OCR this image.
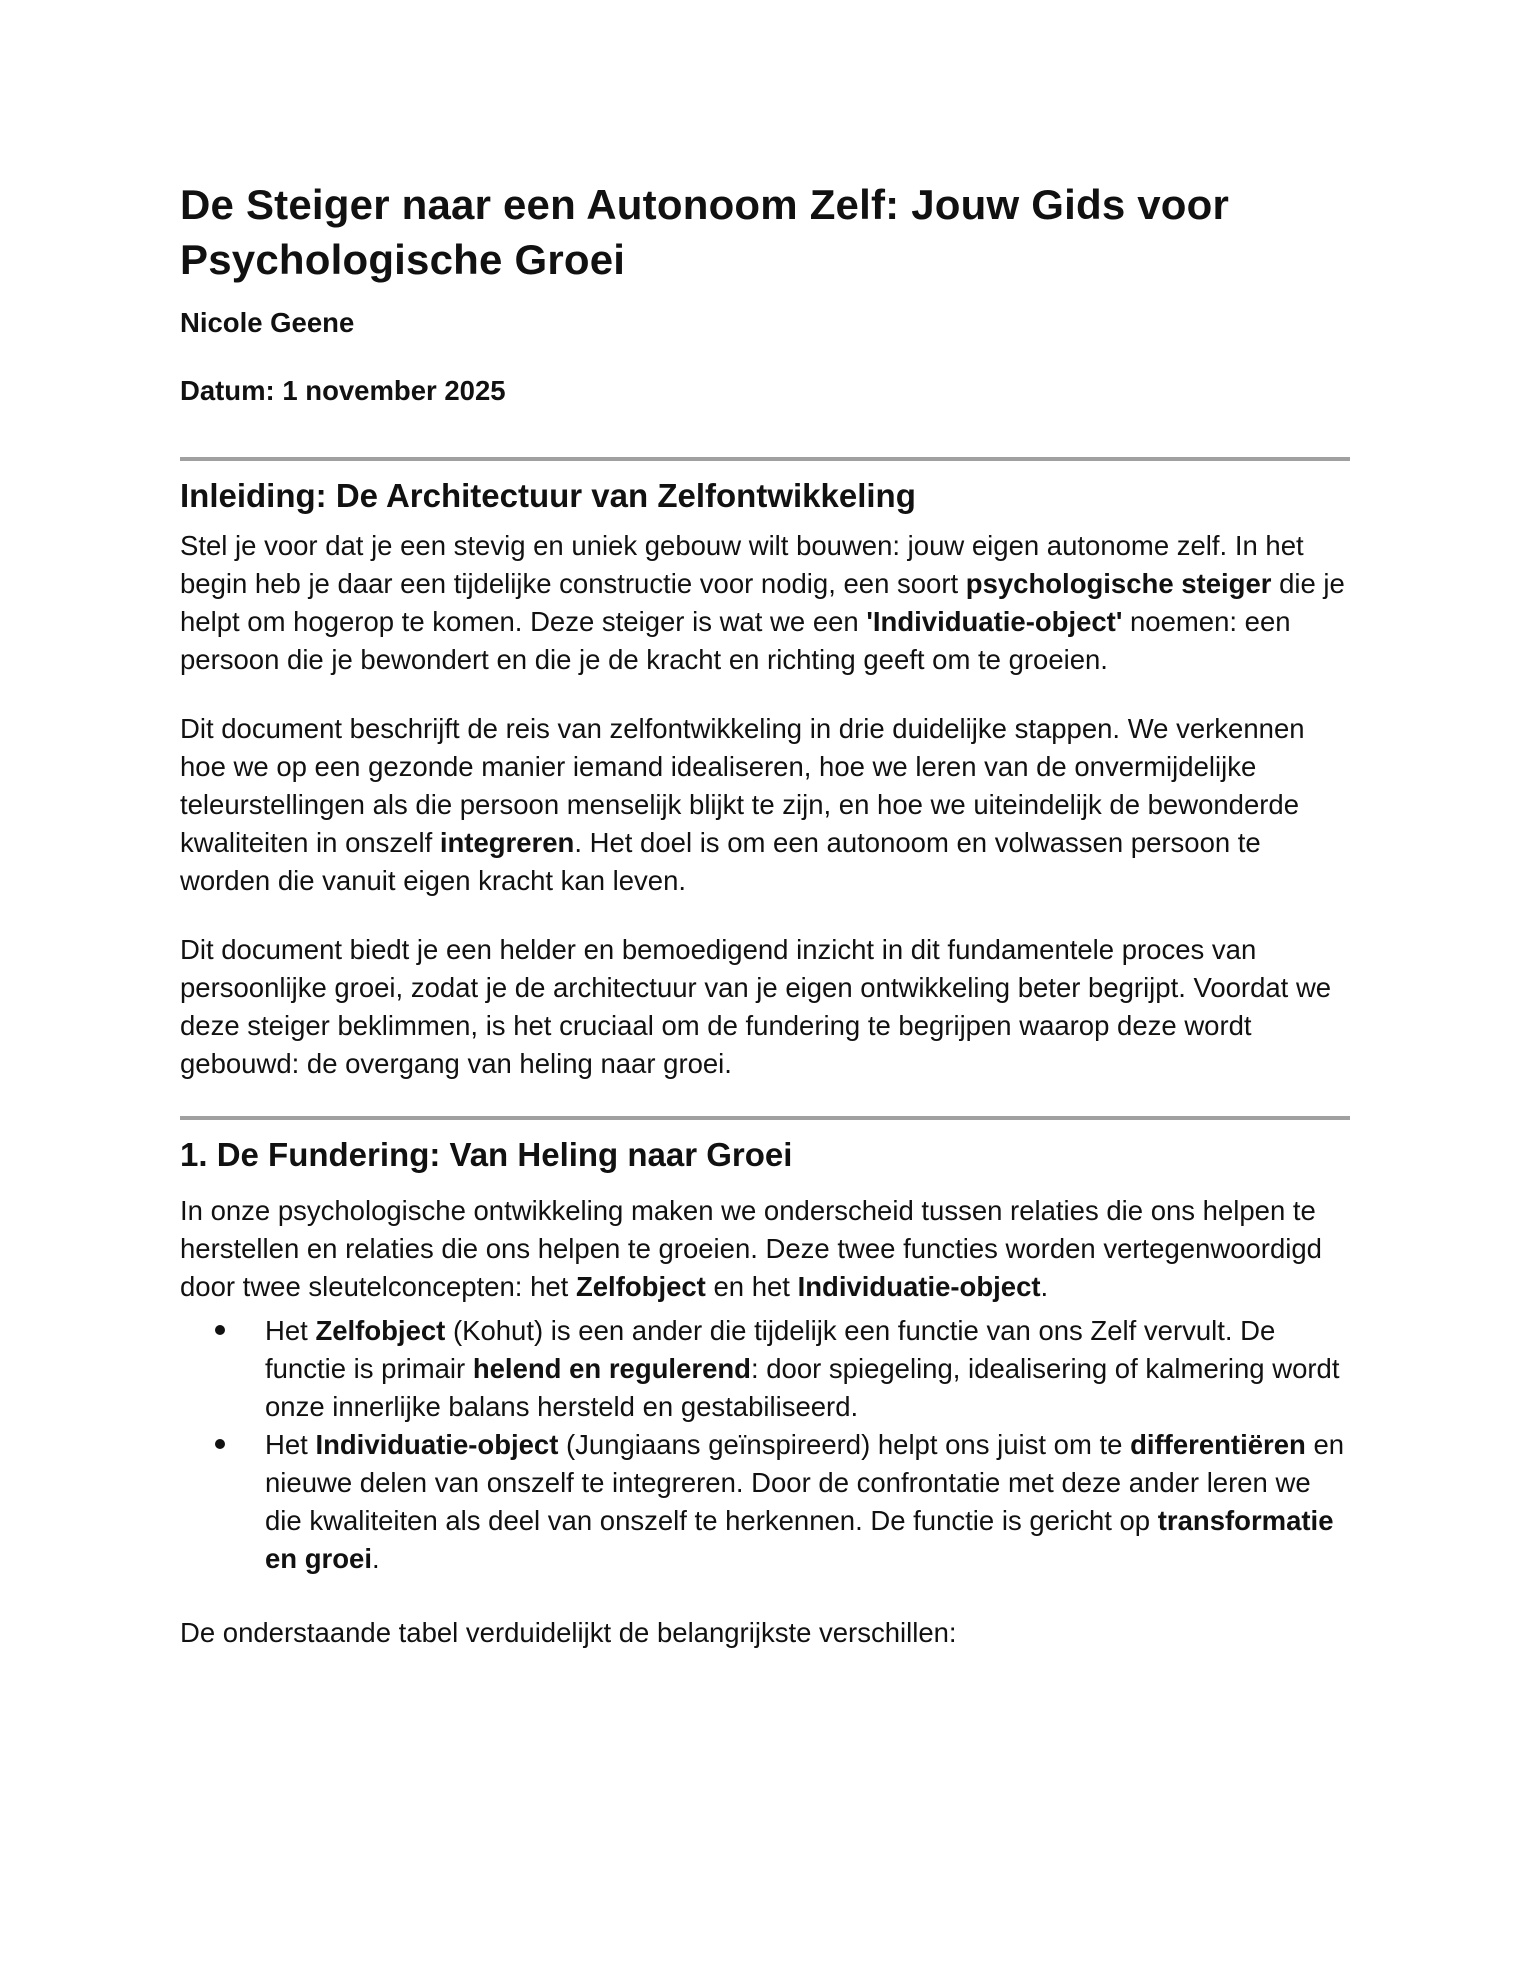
De Steiger naar een Autonoom Zelf: Jouw Gids voor Psychologische Groei

Nicole Geene

Datum: 1 november 2025

Inleiding: De Architectuur van Zelfontwikkeling

Stel je voor dat je een stevig en uniek gebouw wilt bouwen: jouw eigen autonome zelf. In het begin heb je daar een tijdelijke constructie voor nodig, een soort psychologische steiger die je helpt om hogerop te komen. Deze steiger is wat we een 'Individuatie-object' noemen: een persoon die je bewondert en die je de kracht en richting geeft om te groeien.

Dit document beschrijft de reis van zelfontwikkeling in drie duidelijke stappen. We verkennen hoe we op een gezonde manier iemand idealiseren, hoe we leren van de onvermijdelijke teleurstellingen als die persoon menselijk blijkt te zijn, en hoe we uiteindelijk de bewonderde kwaliteiten in onszelf integreren. Het doel is om een autonoom en volwassen persoon te worden die vanuit eigen kracht kan leven.

Dit document biedt je een helder en bemoedigend inzicht in dit fundamentele proces van persoonlijke groei, zodat je de architectuur van je eigen ontwikkeling beter begrijpt. Voordat we deze steiger beklimmen, is het cruciaal om de fundering te begrijpen waarop deze wordt gebouwd: de overgang van heling naar groei.

1. De Fundering: Van Heling naar Groei

In onze psychologische ontwikkeling maken we onderscheid tussen relaties die ons helpen te herstellen en relaties die ons helpen te groeien. Deze twee functies worden vertegenwoordigd door twee sleutelconcepten: het Zelfobject en het Individuatie-object.

Het Zelfobject (Kohut) is een ander die tijdelijk een functie van ons Zelf vervult. De functie is primair helend en regulerend: door spiegeling, idealisering of kalmering wordt onze innerlijke balans hersteld en gestabiliseerd.
Het Individuatie-object (Jungiaans geïnspireerd) helpt ons juist om te differentiëren en nieuwe delen van onszelf te integreren. Door de confrontatie met deze ander leren we die kwaliteiten als deel van onszelf te herkennen. De functie is gericht op transformatie en groei.

De onderstaande tabel verduidelijkt de belangrijkste verschillen:
